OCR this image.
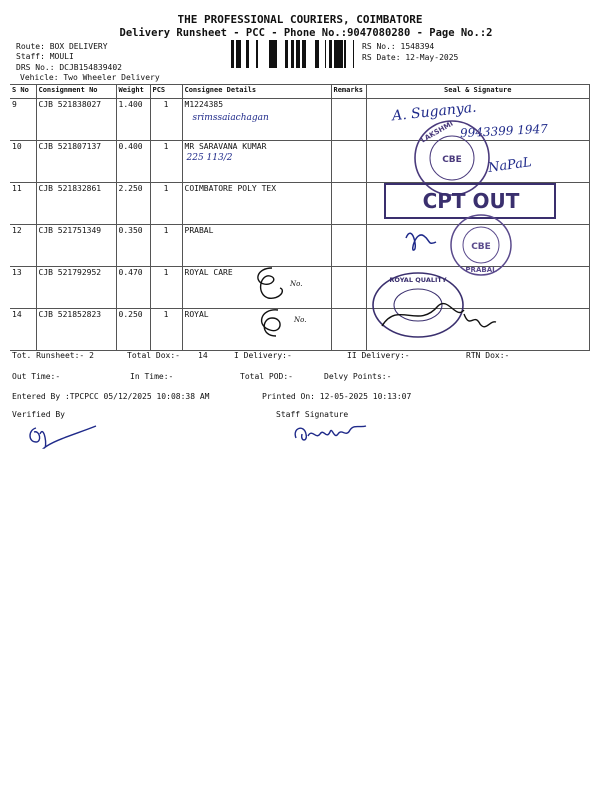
THE PROFESSIONAL COURIERS, COIMBATORE
Delivery Runsheet - PCC - Phone No.:9047080280 - Page No.:2
Route: BOX DELIVERY
Staff: MOULI
DRS No.: DCJB154839402
Vehicle: Two Wheeler Delivery
RS No.: 1548394
RS Date: 12-May-2025
S No	Consignment No	Weight	PCS	Consignee Details	Remarks	Seal & Signature
9	CJB 521838027	1.400	1	M1224385
srimssaiachagan		

10	CJB 521807137	0.400	1	MR SARAVANA KUMAR
225 113/2		

11	CJB 521832861	2.250	1	COIMBATORE POLY TEX		
12	CJB 521751349	0.350	1	PRABAL		
13	CJB 521792952	0.470	1	ROYAL CARE		
14	CJB 521852823	0.250	1	ROYAL		
A. Suganya.
9943399 1947
CBE
LAKSHMI
NaPaL
CPT OUT
CBE
PRABAL
No.	ROYAL QUALITY
No.
Tot. Runsheet:- 2	Total Dox:- 14	I Delivery:-	II Delivery:-	RTN Dox:-
Out Time:-	In Time:-	Total POD:-	Delvy Points:-
Entered By :TPCPCC 05/12/2025 10:08:38 AM	Printed On: 12-05-2025 10:13:07
Verified By	Staff Signature
